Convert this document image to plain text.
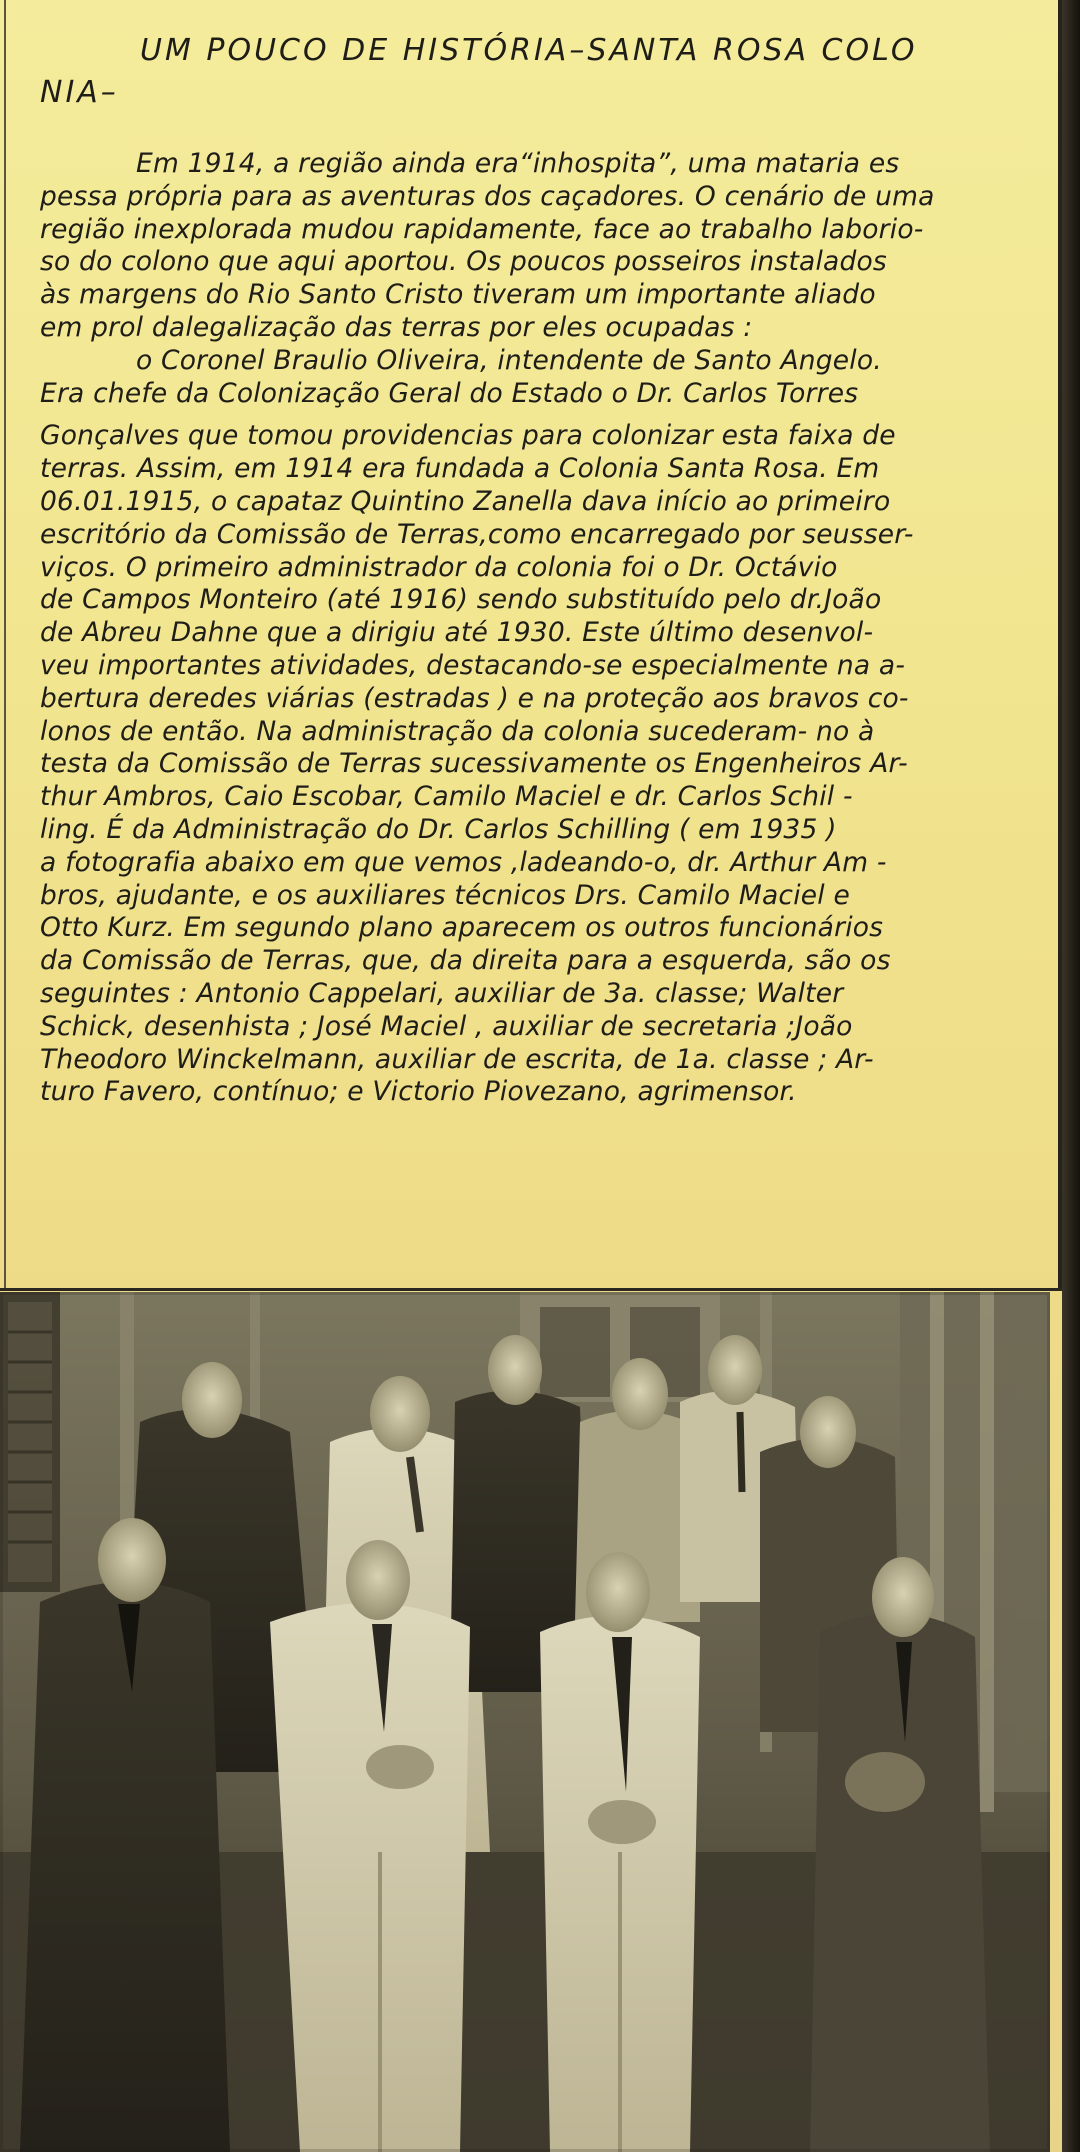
UM POUCO DE HISTÓRIA–SANTA ROSA COLO
NIA–
Em 1914, a região ainda era“inhospita”, uma mataria es
pessa própria para as aventuras dos caçadores. O cenário de uma
região inexplorada mudou rapidamente, face ao trabalho laborio-
so do colono que aqui aportou. Os poucos posseiros instalados
às margens do Rio Santo Cristo tiveram um importante aliado
em prol dalegalização das terras por eles ocupadas :
o Coronel Braulio Oliveira, intendente de Santo Angelo.
Era chefe da Colonização Geral do Estado o Dr. Carlos Torres
Gonçalves que tomou providencias para colonizar esta faixa de
terras. Assim, em 1914 era fundada a Colonia Santa Rosa. Em
06.01.1915, o capataz Quintino Zanella dava início ao primeiro
escritório da Comissão de Terras,como encarregado por seusser-
viços. O primeiro administrador da colonia foi o Dr. Octávio
de Campos Monteiro (até 1916) sendo substituído pelo dr.João
de Abreu Dahne que a dirigiu até 1930. Este último desenvol-
veu importantes atividades, destacando-se especialmente na a-
bertura deredes viárias (estradas ) e na proteção aos bravos co-
lonos de então. Na administração da colonia sucederam- no à
testa da Comissão de Terras sucessivamente os Engenheiros Ar-
thur Ambros, Caio Escobar, Camilo Maciel e dr. Carlos Schil -
ling. É da Administração do Dr. Carlos Schilling ( em 1935 )
a fotografia abaixo em que vemos ,ladeando-o, dr. Arthur Am -
bros, ajudante, e os auxiliares técnicos Drs. Camilo Maciel e
Otto Kurz. Em segundo plano aparecem os outros funcionários
da Comissão de Terras, que, da direita para a esquerda, são os
seguintes : Antonio Cappelari, auxiliar de 3a. classe; Walter
Schick, desenhista ; José Maciel , auxiliar de secretaria ;João
Theodoro Winckelmann, auxiliar de escrita, de 1a. classe ; Ar-
turo Favero, contínuo; e Victorio Piovezano, agrimensor.
